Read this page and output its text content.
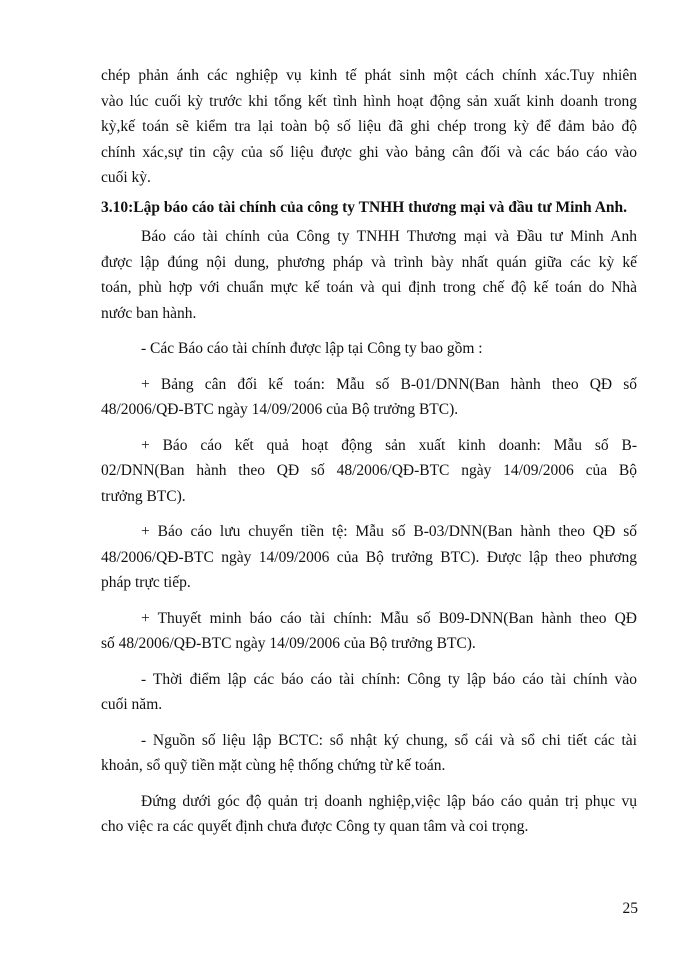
chép phản ánh các nghiệp vụ kinh tế phát sinh một cách chính xác.Tuy nhiên
vào lúc cuối kỳ trước khi tổng kết tình hình hoạt động sản xuất kinh doanh trong
kỳ,kế toán sẽ kiểm tra lại toàn bộ số liệu đã ghi chép trong kỳ để đảm bảo độ
chính xác,sự tin cậy của số liệu được ghi vào bảng cân đối và các báo cáo vào
cuối kỳ.
3.10:Lập báo cáo tài chính của công ty TNHH thương mại và đầu tư Minh Anh.
Báo cáo tài chính của Công ty TNHH Thương mại và Đầu tư Minh Anh
được lập đúng nội dung, phương pháp và trình bày nhất quán giữa các kỳ kế
toán, phù hợp với chuẩn mực kế toán và qui định trong chế độ kế toán do Nhà
nước ban hành.
- Các Báo cáo tài chính được lập tại Công ty bao gồm :
+ Bảng cân đối kế toán: Mẫu số B-01/DNN(Ban hành theo QĐ số
48/2006/QĐ-BTC ngày 14/09/2006 của Bộ trưởng BTC).
+ Báo cáo kết quả hoạt động sản xuất kinh doanh: Mẫu số B-
02/DNN(Ban hành theo QĐ số 48/2006/QĐ-BTC ngày 14/09/2006 của Bộ
trưởng BTC).
+ Báo cáo lưu chuyển tiền tệ: Mẫu số B-03/DNN(Ban hành theo QĐ số
48/2006/QĐ-BTC ngày 14/09/2006 của Bộ trưởng BTC). Được lập theo phương
pháp trực tiếp.
+ Thuyết minh báo cáo tài chính: Mẫu số B09-DNN(Ban hành theo QĐ
số 48/2006/QĐ-BTC ngày 14/09/2006 của Bộ trưởng BTC).
- Thời điểm lập các báo cáo tài chính: Công ty lập báo cáo tài chính vào
cuối năm.
- Nguồn số liệu lập BCTC: sổ nhật ký chung, sổ cái và sổ chi tiết các tài
khoản, sổ quỹ tiền mặt cùng hệ thống chứng từ kế toán.
Đứng dưới góc độ quản trị doanh nghiệp,việc lập báo cáo quản trị phục vụ
cho việc ra các quyết định chưa được Công ty quan tâm và coi trọng.
25
